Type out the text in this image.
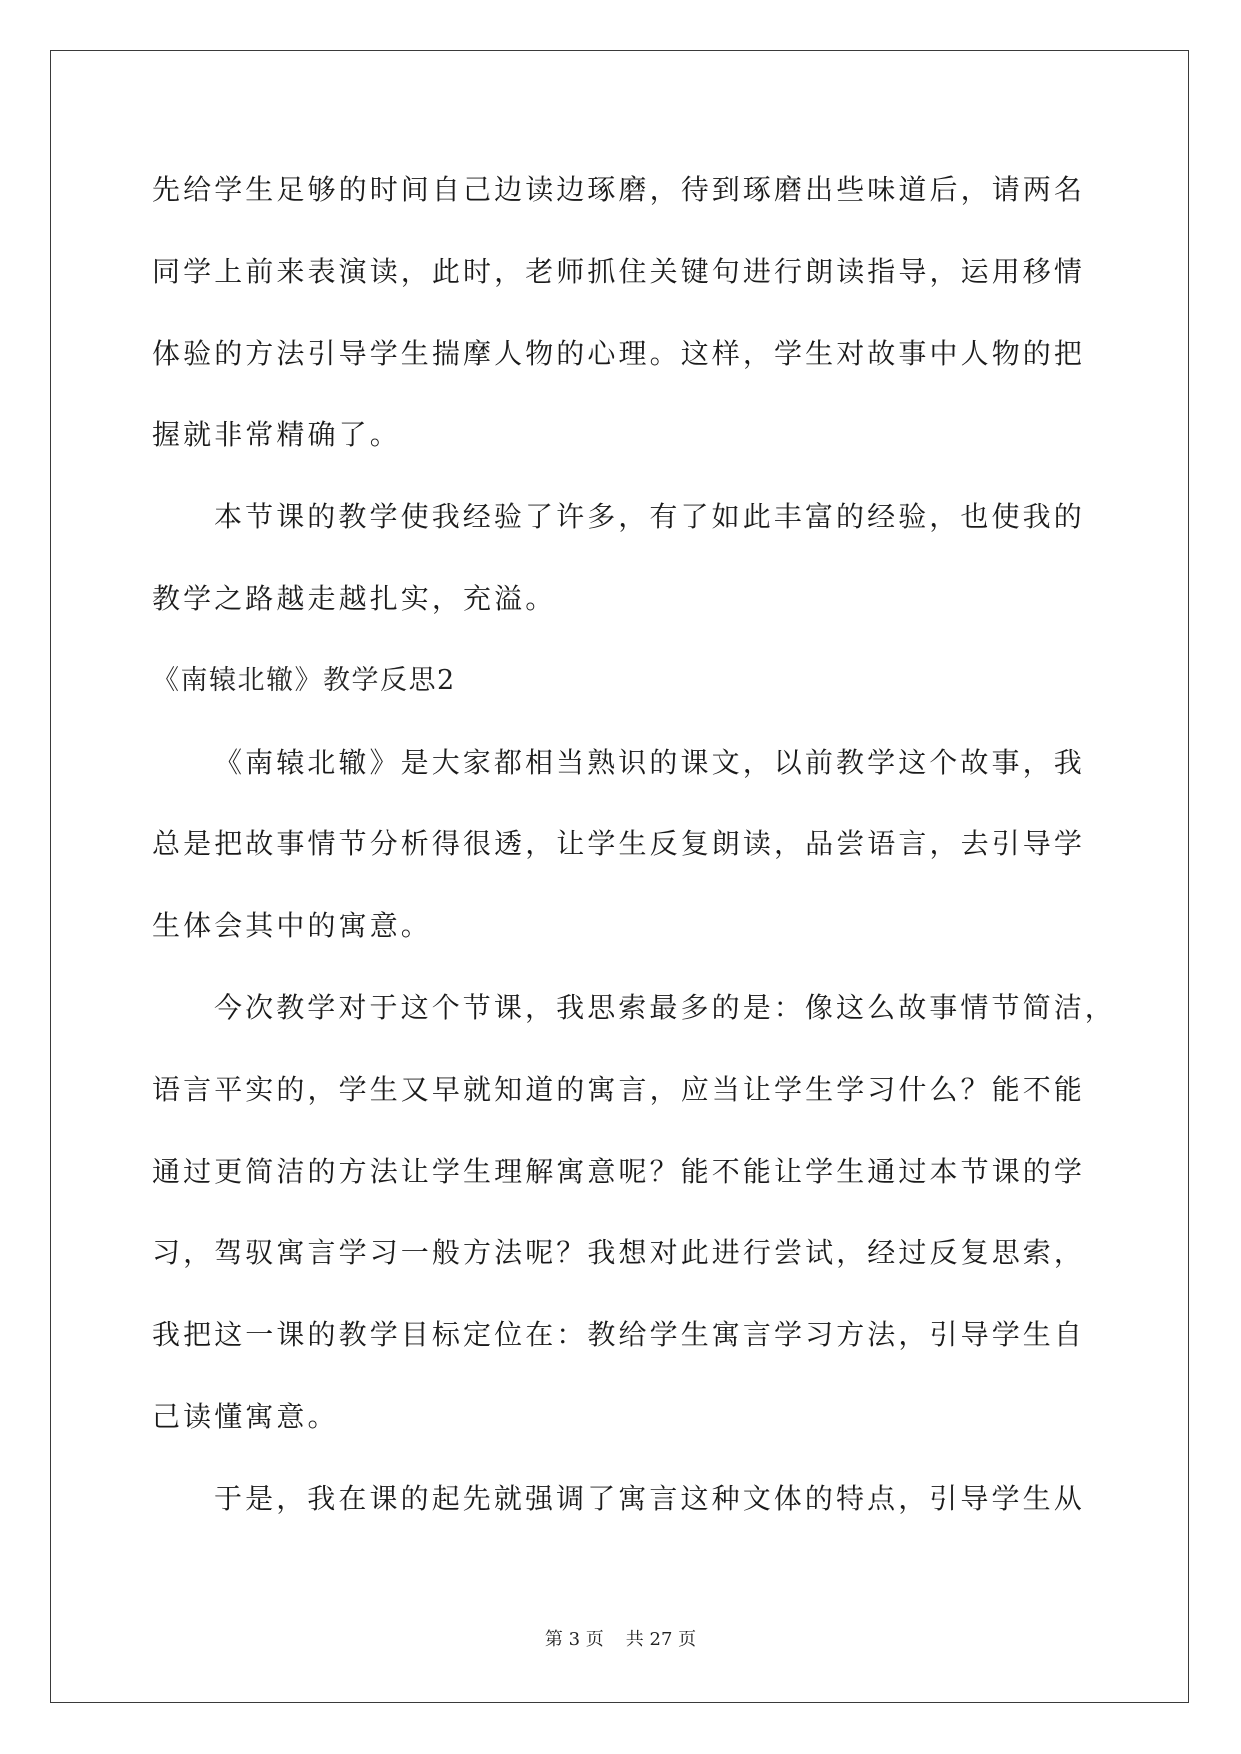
先给学生足够的时间自己边读边琢磨，待到琢磨出些味道后，请两名
同学上前来表演读，此时，老师抓住关键句进行朗读指导，运用移情
体验的方法引导学生揣摩人物的心理。这样，学生对故事中人物的把
握就非常精确了。
本节课的教学使我经验了许多，有了如此丰富的经验，也使我的
教学之路越走越扎实，充溢。
《南辕北辙》教学反思2
《南辕北辙》是大家都相当熟识的课文，以前教学这个故事，我
总是把故事情节分析得很透，让学生反复朗读，品尝语言，去引导学
生体会其中的寓意。
今次教学对于这个节课，我思索最多的是：像这么故事情节简洁，
语言平实的，学生又早就知道的寓言，应当让学生学习什么？能不能
通过更简洁的方法让学生理解寓意呢？能不能让学生通过本节课的学
习，驾驭寓言学习一般方法呢？我想对此进行尝试，经过反复思索，
我把这一课的教学目标定位在：教给学生寓言学习方法，引导学生自
己读懂寓意。
于是，我在课的起先就强调了寓言这种文体的特点，引导学生从
第 3 页 共 27 页
